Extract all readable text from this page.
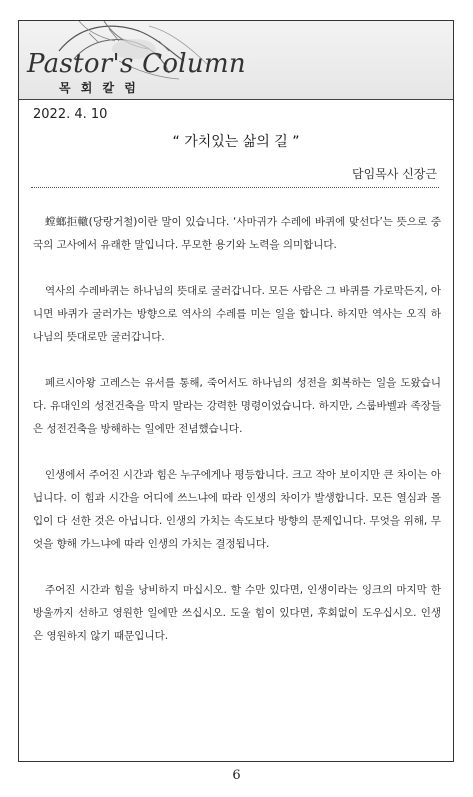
Pastor's Column
목 회 칼 럼
2022. 4. 10
“ 가치있는 삶의 길 ”
담임목사 신장근

螳螂拒轍(당랑거철)이란 말이 있습니다. ‘사마귀가 수레에 바퀴에 맞선다’는 뜻으로 중국의 고사에서 유래한 말입니다. 무모한 용기와 노력을 의미합니다.

역사의 수레바퀴는 하나님의 뜻대로 굴러갑니다. 모든 사람은 그 바퀴를 가로막든지, 아니면 바퀴가 굴러가는 방향으로 역사의 수레를 미는 일을 합니다. 하지만 역사는 오직 하나님의 뜻대로만 굴러갑니다.

페르시아왕 고레스는 유서를 통해, 죽어서도 하나님의 성전을 회복하는 일을 도왔습니다. 유대인의 성전건축을 막지 말라는 강력한 명령이었습니다. 하지만, 스룹바벨과 족장들은 성전건축을 방해하는 일에만 전념했습니다.

인생에서 주어진 시간과 힘은 누구에게나 평등합니다. 크고 작아 보이지만 큰 차이는 아닙니다. 이 힘과 시간을 어디에 쓰느냐에 따라 인생의 차이가 발생합니다. 모든 열심과 몰입이 다 선한 것은 아닙니다. 인생의 가치는 속도보다 방향의 문제입니다. 무엇을 위해, 무엇을 향해 가느냐에 따라 인생의 가치는 결정됩니다.

주어진 시간과 힘을 낭비하지 마십시오. 할 수만 있다면, 인생이라는 잉크의 마지막 한 방울까지 선하고 영원한 일에만 쓰십시오. 도울 힘이 있다면, 후회없이 도우십시오. 인생은 영원하지 않기 때문입니다.

6
